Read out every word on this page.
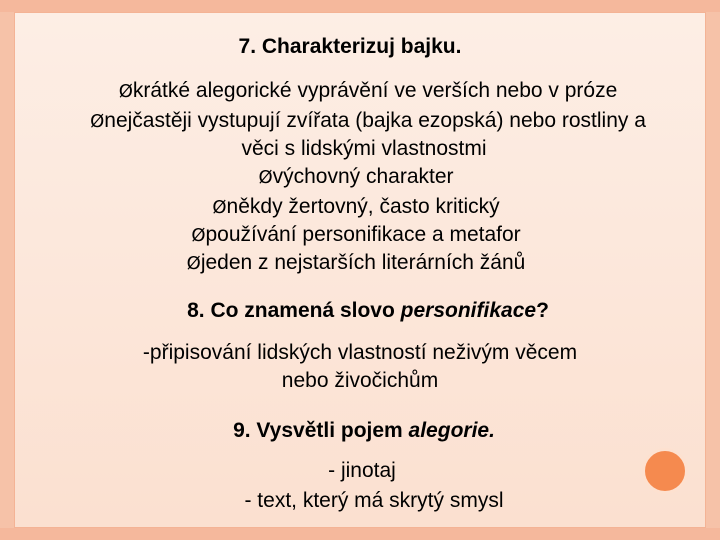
7. Charakterizuj bajku.
Økrátké alegorické vyprávění ve verších nebo v próze
Ønejčastěji vystupují zvířata (bajka ezopská) nebo rostliny a
věci s lidskými vlastnostmi
Øvýchovný charakter
Øněkdy žertovný, často kritický
Øpoužívání personifikace a metafor
Øjeden z nejstarších literárních žánů
8. Co znamená slovo personifikace?
-připisování lidských vlastností neživým věcem
nebo živočichům
9. Vysvětli pojem alegorie.
- jinotaj
- text, který má skrytý smysl
